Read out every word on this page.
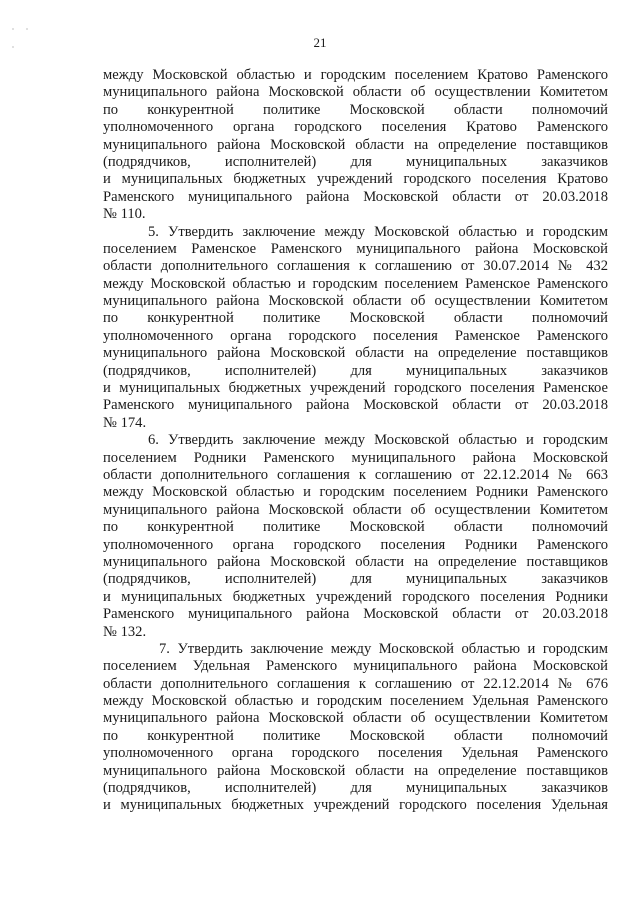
21
между Московской областью и городским поселением Кратово Раменского
муниципального района Московской области об осуществлении Комитетом
по конкурентной политике Московской области полномочий
уполномоченного органа городского поселения Кратово Раменского
муниципального района Московской области на определение поставщиков
(подрядчиков, исполнителей) для муниципальных заказчиков
и муниципальных бюджетных учреждений городского поселения Кратово
Раменского муниципального района Московской области от 20.03.2018
№ 110.
5. Утвердить заключение между Московской областью и городским
поселением Раменское Раменского муниципального района Московской
области дополнительного соглашения к соглашению от 30.07.2014 № 432
между Московской областью и городским поселением Раменское Раменского
муниципального района Московской области об осуществлении Комитетом
по конкурентной политике Московской области полномочий
уполномоченного органа городского поселения Раменское Раменского
муниципального района Московской области на определение поставщиков
(подрядчиков, исполнителей) для муниципальных заказчиков
и муниципальных бюджетных учреждений городского поселения Раменское
Раменского муниципального района Московской области от 20.03.2018
№ 174.
6. Утвердить заключение между Московской областью и городским
поселением Родники Раменского муниципального района Московской
области дополнительного соглашения к соглашению от 22.12.2014 № 663
между Московской областью и городским поселением Родники Раменского
муниципального района Московской области об осуществлении Комитетом
по конкурентной политике Московской области полномочий
уполномоченного органа городского поселения Родники Раменского
муниципального района Московской области на определение поставщиков
(подрядчиков, исполнителей) для муниципальных заказчиков
и муниципальных бюджетных учреждений городского поселения Родники
Раменского муниципального района Московской области от 20.03.2018
№ 132.
7. Утвердить заключение между Московской областью и городским
поселением Удельная Раменского муниципального района Московской
области дополнительного соглашения к соглашению от 22.12.2014 № 676
между Московской областью и городским поселением Удельная Раменского
муниципального района Московской области об осуществлении Комитетом
по конкурентной политике Московской области полномочий
уполномоченного органа городского поселения Удельная Раменского
муниципального района Московской области на определение поставщиков
(подрядчиков, исполнителей) для муниципальных заказчиков
и муниципальных бюджетных учреждений городского поселения Удельная
